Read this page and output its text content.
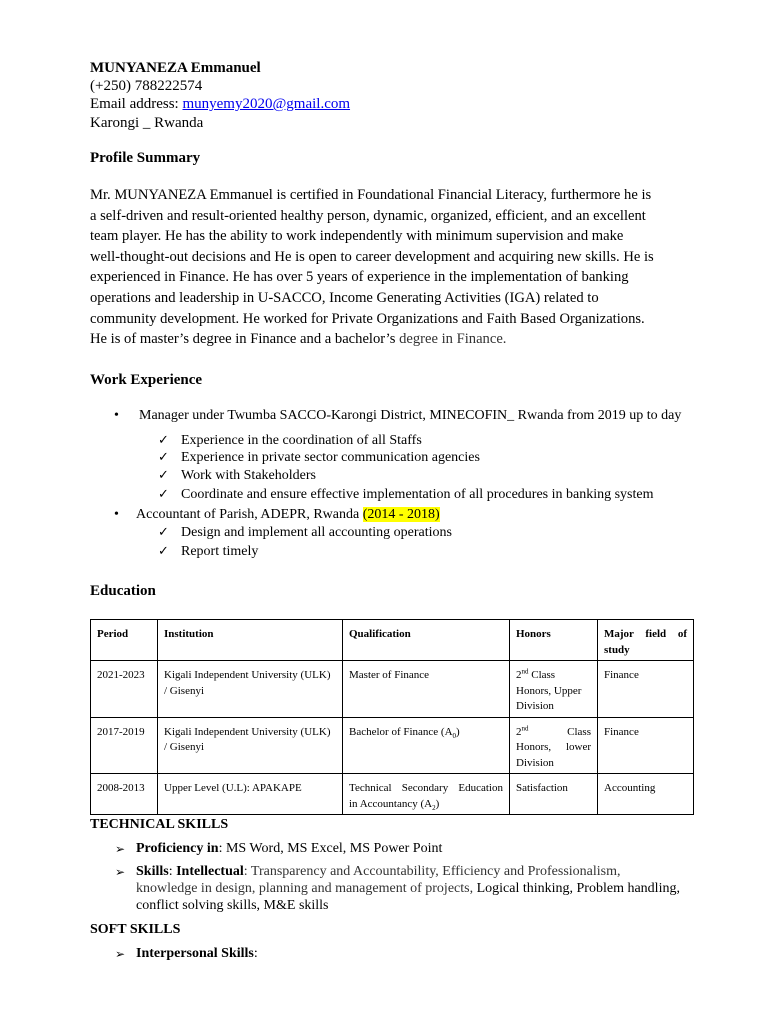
MUNYANEZA Emmanuel
(+250) 788222574
Email address: munyemy2020@gmail.com
Karongi _ Rwanda
Profile Summary
Mr. MUNYANEZA Emmanuel is certified in Foundational Financial Literacy, furthermore he is
a self-driven and result-oriented healthy person, dynamic, organized, efficient, and an excellent
team player. He has the ability to work independently with minimum supervision and make
well-thought-out decisions and He is open to career development and acquiring new skills. He is
experienced in Finance. He has over 5 years of experience in the implementation of banking
operations and leadership in U-SACCO, Income Generating Activities (IGA) related to
community development. He worked for Private Organizations and Faith Based Organizations.
He is of master’s degree in Finance and a bachelor’s degree in Finance.
Work Experience
• Manager under Twumba SACCO-Karongi District, MINECOFIN_ Rwanda from 2019 up to day
✓ Experience in the coordination of all Staffs
✓ Experience in private sector communication agencies
✓ Work with Stakeholders
✓ Coordinate and ensure effective implementation of all procedures in banking system
• Accountant of Parish, ADEPR, Rwanda (2014 - 2018)
✓ Design and implement all accounting operations
✓ Report timely
Education
Period	Institution	Qualification	Honors	Major field of
study
2021-2023	Kigali Independent University (ULK)
/ Gisenyi	Master of Finance	2nd Class
Honors, Upper
Division	Finance
2017-2019	Kigali Independent University (ULK)
/ Gisenyi	Bachelor of Finance $(A_0)$	2nd Class
Honors, lower
Division	Finance
2008-2013	Upper Level (U.L): APAKAPE	Technical Secondary Education
in Accountancy $(A_2)$	Satisfaction	Accounting
TECHNICAL SKILLS
➢ Proficiency in: MS Word, MS Excel, MS Power Point
➢ Skills: Intellectual: Transparency and Accountability, Efficiency and Professionalism,
knowledge in design, planning and management of projects, Logical thinking, Problem handling,
conflict solving skills, M&E skills
SOFT SKILLS
➢ Interpersonal Skills:
